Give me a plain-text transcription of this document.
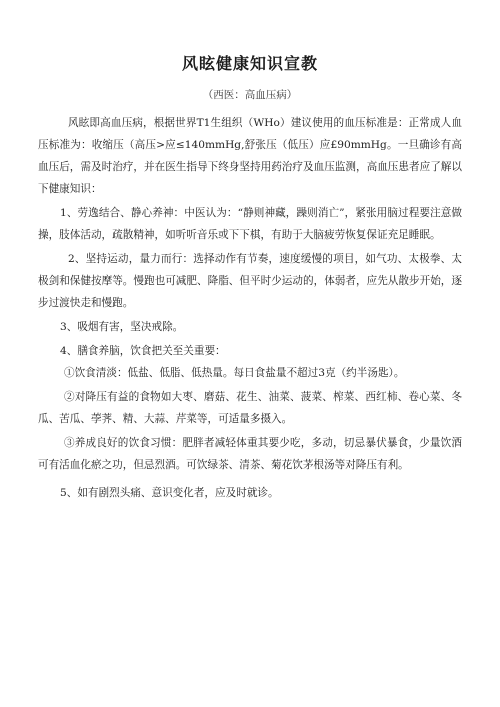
风眩健康知识宣教

（西医：高血压病）

风眩即高血压病，根据世界T1生组织（WHo）建议使用的血压标准是：正常成人血压标准为：收缩压（高压>应≤140mmHg,舒张压（低压）应£90mmHg。一旦确诊有高血压后，需及时治疗，并在医生指导下终身坚持用药治疗及血压监测，高血压患者应了解以下健康知识：

1、劳逸结合、静心养神：中医认为：“静则神藏，躁则消亡”，紧张用脑过程要注意做操，肢体活动，疏散精神，如听听音乐或下下棋，有助于大脑疲劳恢复保证充足睡眠。

2、坚持运动，量力而行：选择动作有节奏，速度缓慢的项目，如气功、太极拳、太极剑和保健按摩等。慢跑也可减肥、降脂、但平时少运动的，体弱者，应先从散步开始，逐步过渡快走和慢跑。

3、吸烟有害，坚决戒除。

4、膳食养脑，饮食把关至关重要：

①饮食清淡：低盐、低脂、低热量。每日食盐量不超过3克（约半汤匙）。

②对降压有益的食物如大枣、磨菇、花生、油菜、菠菜、榨菜、西红柿、卷心菜、冬瓜、苦瓜、荸荠、精、大蒜、芹菜等，可适量多摄入。

③养成良好的饮食习惯：肥胖者减轻体重其要少吃，多动，切忌暴伏暴食，少量饮酒可有活血化瘀之功，但忌烈酒。可饮绿茶、清茶、菊花饮茅根汤等对降压有利。

5、如有剧烈头痛、意识变化者，应及时就诊。
